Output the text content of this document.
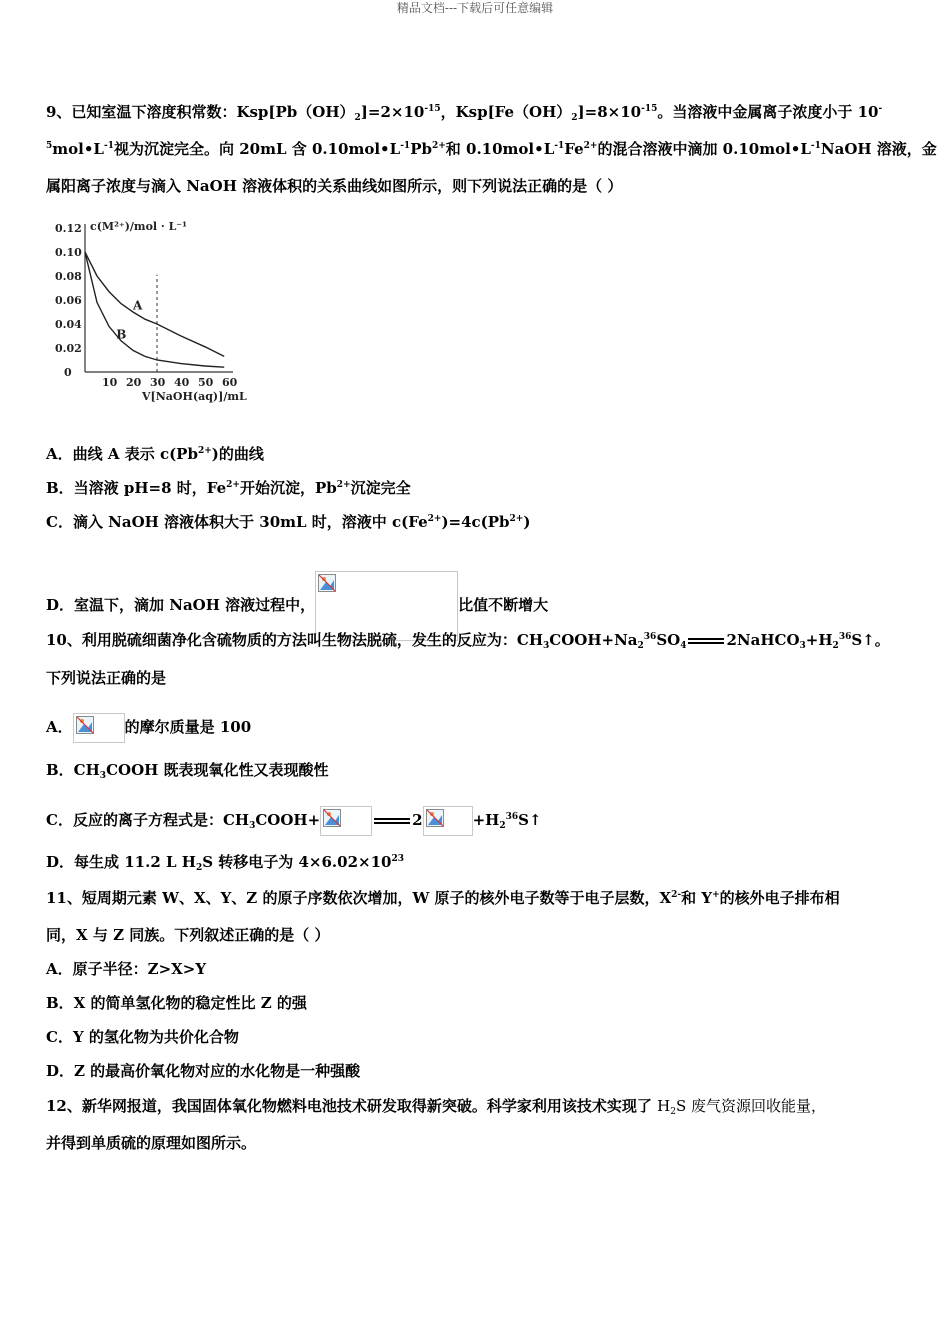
精品文档---下载后可任意编辑
9、已知室温下溶度积常数：$Ksp[Pb(OH)_2]=2\times 10^{-15}$，$Ksp[Fe(OH)_2]=8\times 10^{-15}$。当溶液中金属离子浓度小于 10-
$^5mol•L^{-1}$视为沉淀完全。向 20mL 含 $0.10mol•L^{-1}Pb^{2+}$和 $0.10mol•L^{-1}Fe^{2+}$的混合溶液中滴加 $0.10mol•L^{-1}NaOH$ 溶液，金
属阳离子浓度与滴入 NaOH 溶液体积的关系曲线如图所示，则下列说法正确的是（ ）
0.12
0.10
0.08
0.06
0.04
0.02
0
10 20 30 40 50 60
A
B
c(M²⁺)/mol · L⁻¹
V[NaOH(aq)]/mL
A．曲线 A 表示 $c(Pb^{2+})$的曲线
B．当溶液 pH=8 时，$Fe^{2+}$开始沉淀，$Pb^{2+}$沉淀完全
C．滴入 NaOH 溶液体积大于 30mL 时，溶液中 $c(Fe^{2+})=4c(Pb^{2+})$
D．室温下，滴加 NaOH 溶液过程中，	比值不断增大
10、利用脱硫细菌净化含硫物质的方法叫生物法脱硫，发生的反应为：$CH_3COOH+Na_2^{36}SO_4$	$2NaHCO_3+H_2^{36}S↑$。
下列说法正确的是
A．	的摩尔质量是 100
B．$CH_3COOH$ 既表现氧化性又表现酸性
C．反应的离子方程式是：$CH_3COOH+$	2	$+H_2^{36}S↑$
D．每生成 11.2 L $H_2S$ 转移电子为 $4\times 6.02\times 10^{23}$
11、短周期元素 W、X、Y、Z 的原子序数依次增加，W 原子的核外电子数等于电子层数，$X^{2-}$和 Y+的核外电子排布相
同，X 与 Z 同族。下列叙述正确的是（ ）
A．原子半径：Z>X>Y
B．X 的简单氢化物的稳定性比 Z 的强
C．Y 的氢化物为共价化合物
D．Z 的最高价氧化物对应的水化物是一种强酸
12、新华网报道，我国固体氧化物燃料电池技术研发取得新突破。科学家利用该技术实现了 $H_2S$ 废气资源回收能量，
并得到单质硫的原理如图所示。
